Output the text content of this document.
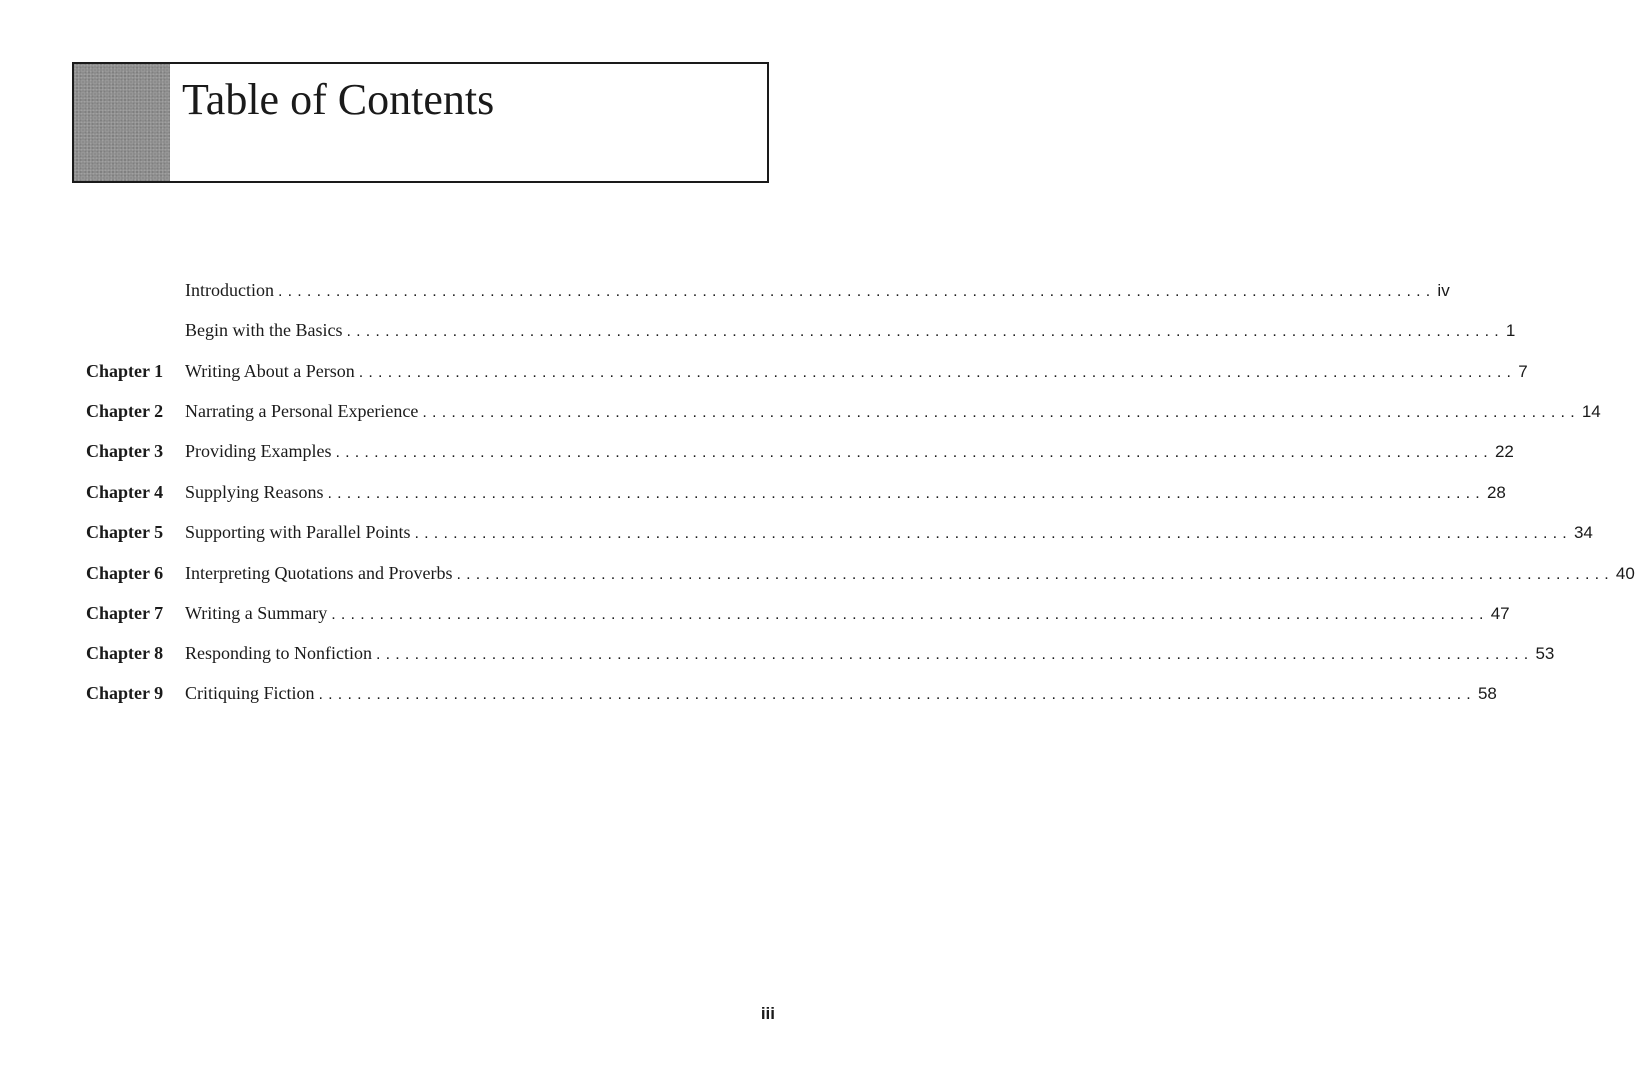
Table of Contents
Introduction ........................................................................................................................ iv
Begin with the Basics ........................................................................................................................ 1
Chapter 1	Writing About a Person ........................................................................................................................ 7
Chapter 2	Narrating a Personal Experience ........................................................................................................................ 14
Chapter 3	Providing Examples ........................................................................................................................ 22
Chapter 4	Supplying Reasons ........................................................................................................................ 28
Chapter 5	Supporting with Parallel Points ........................................................................................................................ 34
Chapter 6	Interpreting Quotations and Proverbs ........................................................................................................................ 40
Chapter 7	Writing a Summary ........................................................................................................................ 47
Chapter 8	Responding to Nonfiction ........................................................................................................................ 53
Chapter 9	Critiquing Fiction ........................................................................................................................ 58
iii
